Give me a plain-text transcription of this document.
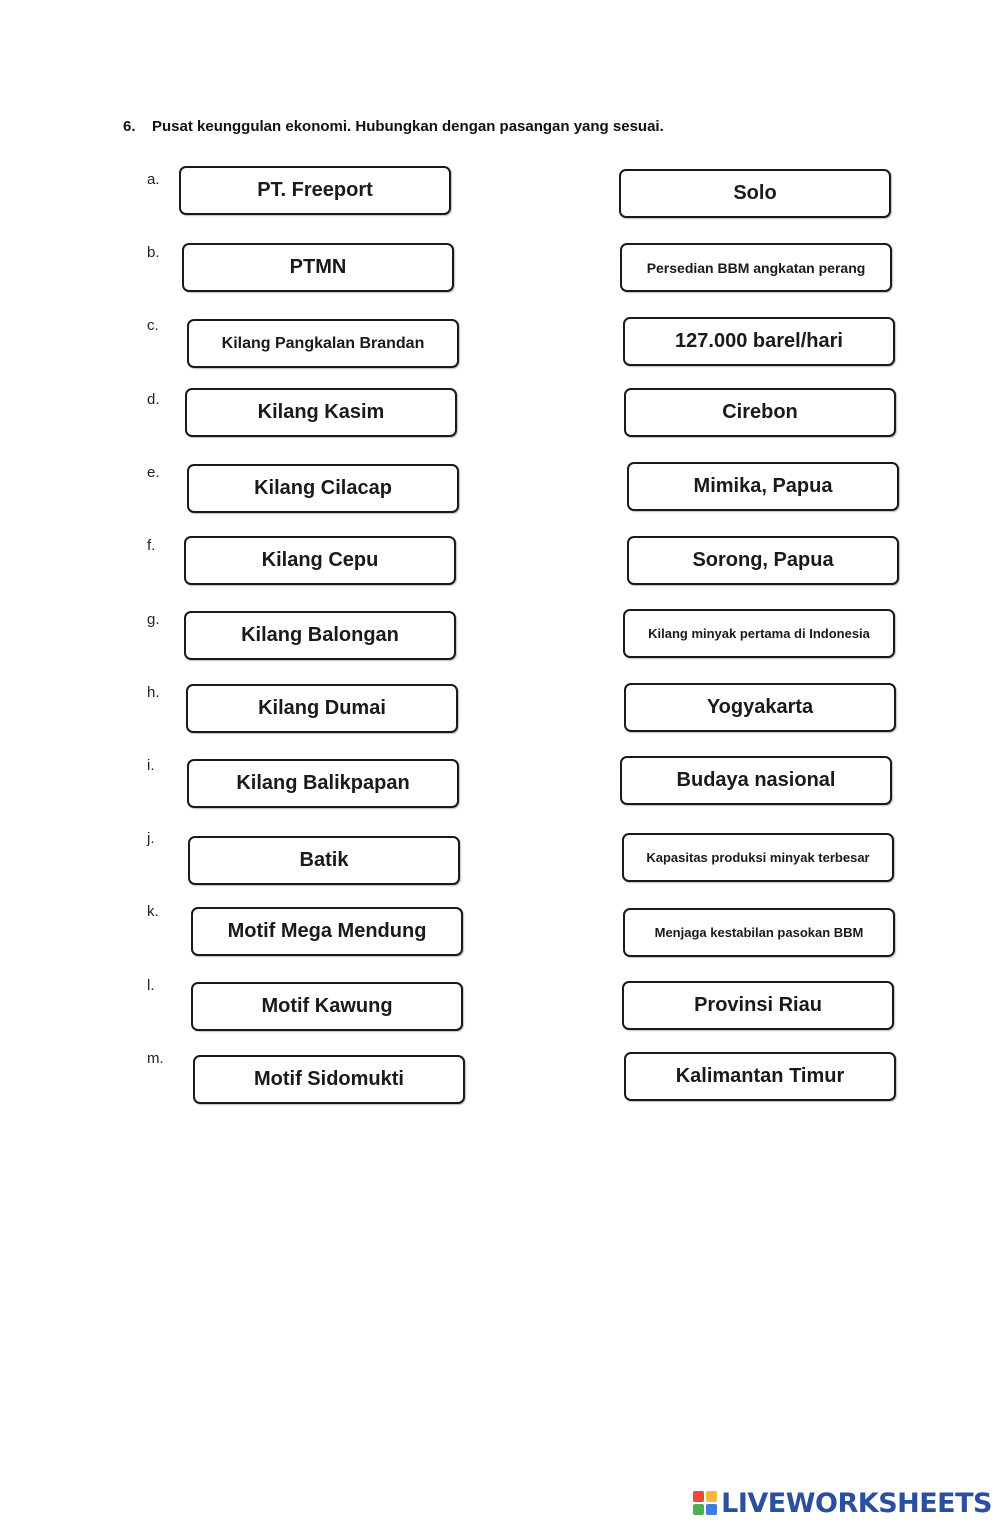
6. Pusat keunggulan ekonomi. Hubungkan dengan pasangan yang sesuai.
a.
b.
c.
d.
e.
f.
g.
h.
i.
j.
k.
l.
m.
PT. Freeport
PTMN
Kilang Pangkalan Brandan
Kilang Kasim
Kilang Cilacap
Kilang Cepu
Kilang Balongan
Kilang Dumai
Kilang Balikpapan
Batik
Motif Mega Mendung
Motif Kawung
Motif Sidomukti
Solo
Persedian BBM angkatan perang
127.000 barel/hari
Cirebon
Mimika, Papua
Sorong, Papua
Kilang minyak pertama di Indonesia
Yogyakarta
Budaya nasional
Kapasitas produksi minyak terbesar
Menjaga kestabilan pasokan BBM
Provinsi Riau
Kalimantan Timur
LIVEWORKSHEETS
